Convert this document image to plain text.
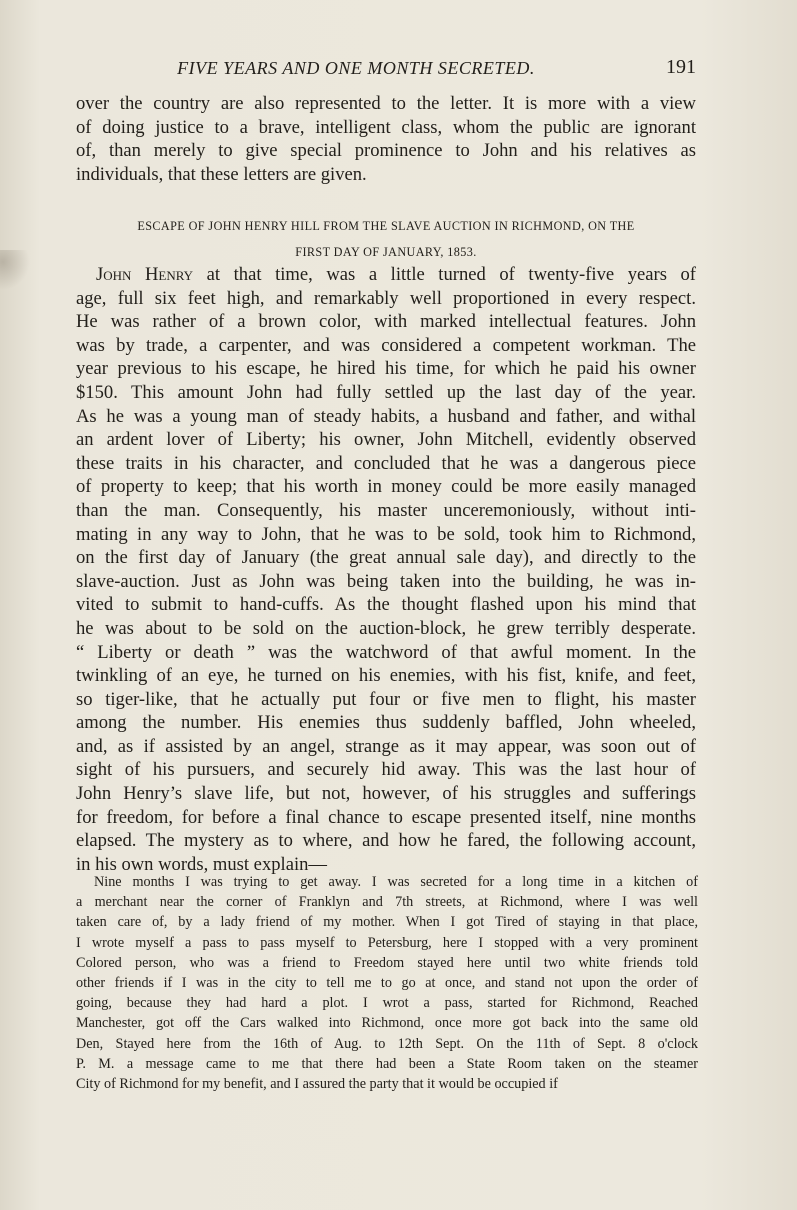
FIVE YEARS AND ONE MONTH SECRETED.	191
over the country are also represented to the letter. It is more with a view
of doing justice to a brave, intelligent class, whom the public are ignorant
of, than merely to give special prominence to John and his relatives as
individuals, that these letters are given.
ESCAPE OF JOHN HENRY HILL FROM THE SLAVE AUCTION IN RICHMOND, ON THE
FIRST DAY OF JANUARY, 1853.
John Henry at that time, was a little turned of twenty-five years of
age, full six feet high, and remarkably well proportioned in every respect.
He was rather of a brown color, with marked intellectual features. John
was by trade, a carpenter, and was considered a competent workman. The
year previous to his escape, he hired his time, for which he paid his owner
$150. This amount John had fully settled up the last day of the year.
As he was a young man of steady habits, a husband and father, and withal
an ardent lover of Liberty; his owner, John Mitchell, evidently observed
these traits in his character, and concluded that he was a dangerous piece
of property to keep; that his worth in money could be more easily managed
than the man. Consequently, his master unceremoniously, without inti-
mating in any way to John, that he was to be sold, took him to Richmond,
on the first day of January (the great annual sale day), and directly to the
slave-auction. Just as John was being taken into the building, he was in-
vited to submit to hand-cuffs. As the thought flashed upon his mind that
he was about to be sold on the auction-block, he grew terribly desperate.
“ Liberty or death ” was the watchword of that awful moment. In the
twinkling of an eye, he turned on his enemies, with his fist, knife, and feet,
so tiger-like, that he actually put four or five men to flight, his master
among the number. His enemies thus suddenly baffled, John wheeled,
and, as if assisted by an angel, strange as it may appear, was soon out of
sight of his pursuers, and securely hid away. This was the last hour of
John Henry’s slave life, but not, however, of his struggles and sufferings
for freedom, for before a final chance to escape presented itself, nine months
elapsed. The mystery as to where, and how he fared, the following account,
in his own words, must explain—
Nine months I was trying to get away. I was secreted for a long time in a kitchen of
a merchant near the corner of Franklyn and 7th streets, at Richmond, where I was well
taken care of, by a lady friend of my mother. When I got Tired of staying in that place,
I wrote myself a pass to pass myself to Petersburg, here I stopped with a very prominent
Colored person, who was a friend to Freedom stayed here until two white friends told
other friends if I was in the city to tell me to go at once, and stand not upon the order of
going, because they had hard a plot. I wrot a pass, started for Richmond, Reached
Manchester, got off the Cars walked into Richmond, once more got back into the same old
Den, Stayed here from the 16th of Aug. to 12th Sept. On the 11th of Sept. 8 o'clock
P. M. a message came to me that there had been a State Room taken on the steamer
City of Richmond for my benefit, and I assured the party that it would be occupied if
